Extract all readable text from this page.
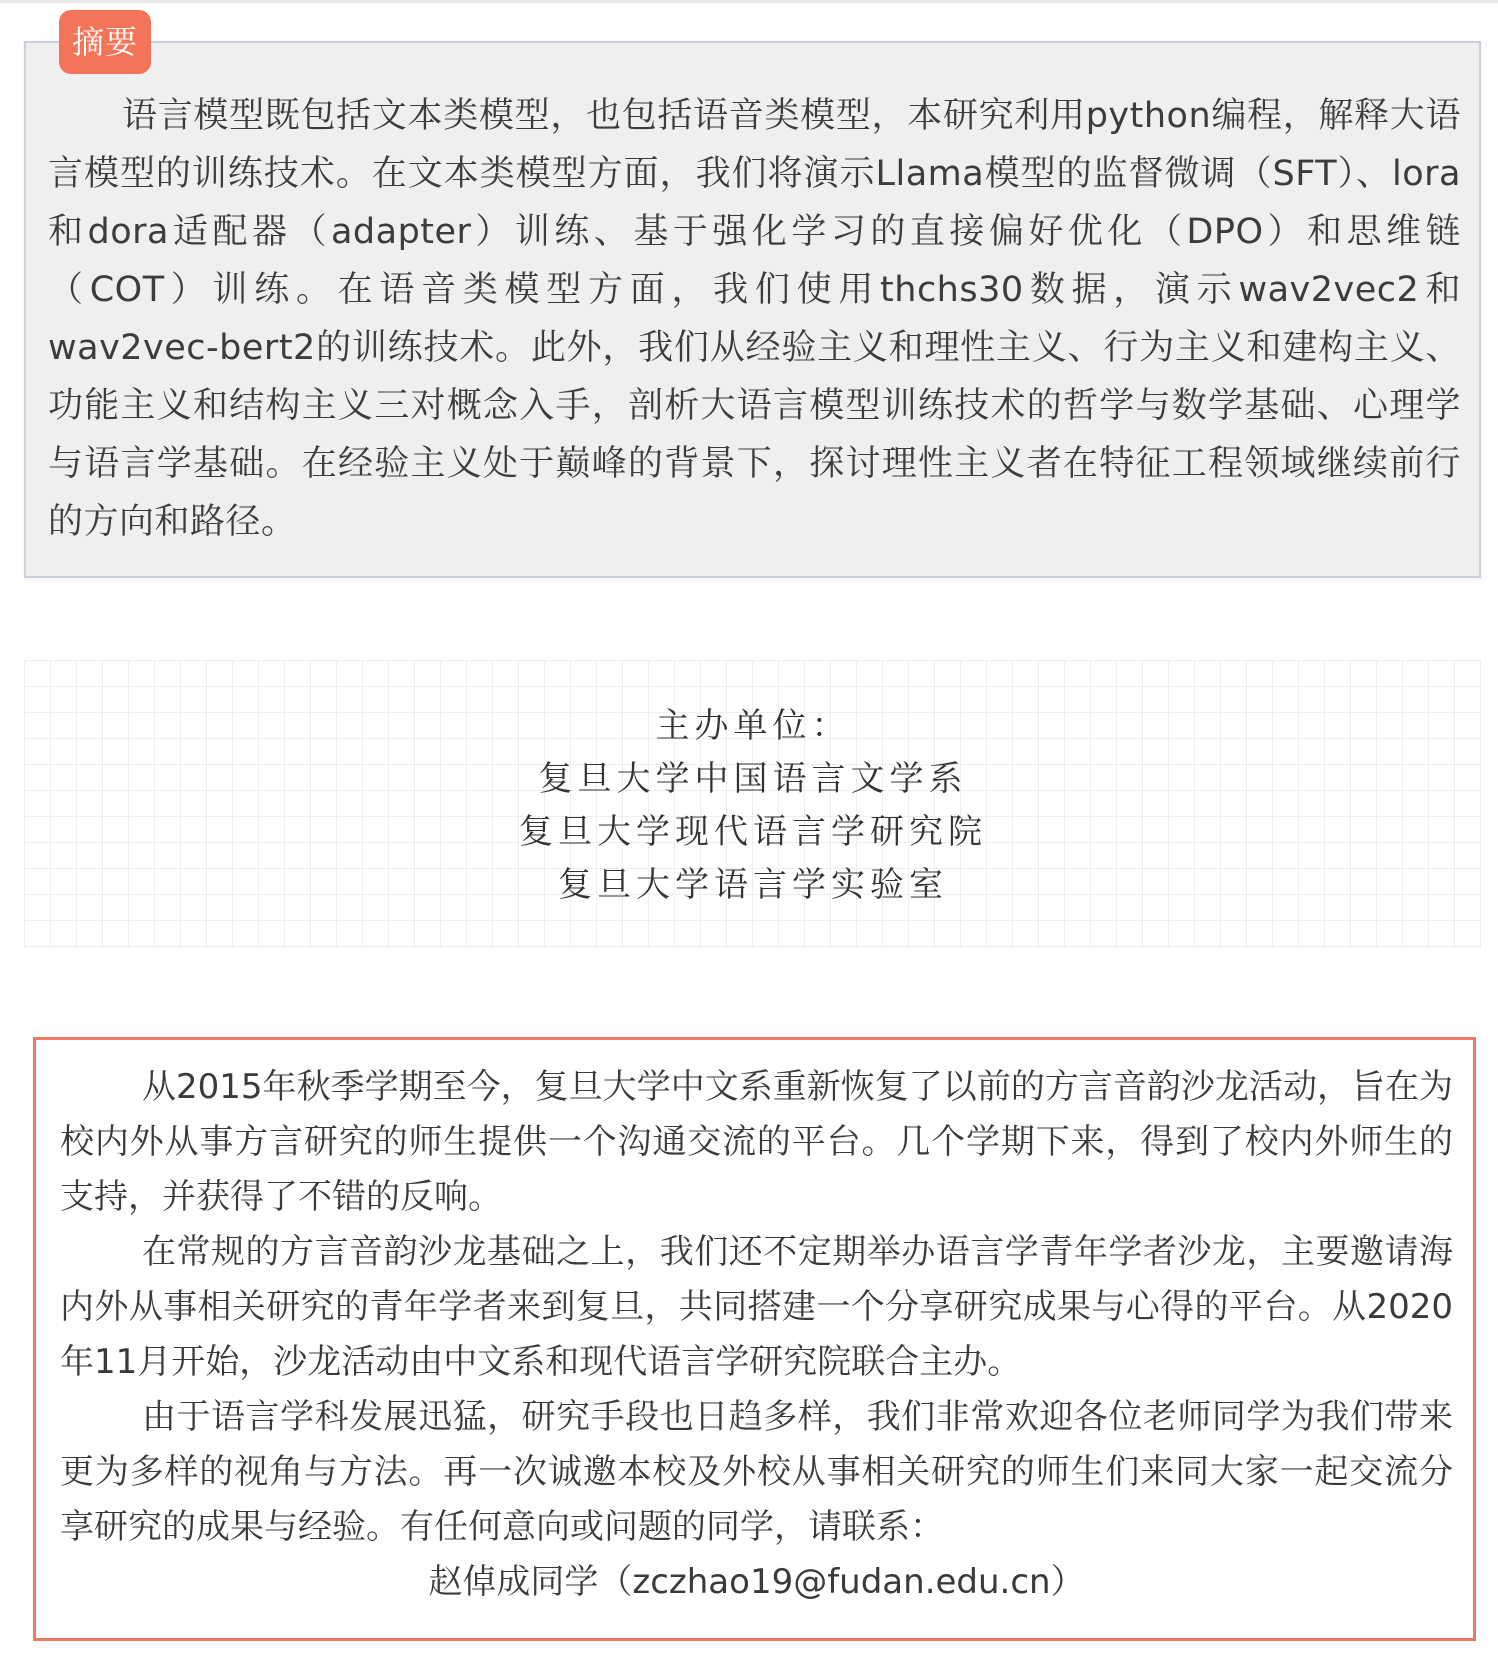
摘要

语言模型既包括文本类模型，也包括语音类模型，本研究利用python编程，解释大语言模型的训练技术。在文本类模型方面，我们将演示Llama模型的监督微调（SFT）、lora和dora适配器（adapter）训练、基于强化学习的直接偏好优化（DPO）和思维链（COT）训练。在语音类模型方面，我们使用thchs30数据，演示wav2vec2和wav2vec-bert2的训练技术。此外，我们从经验主义和理性主义、行为主义和建构主义、功能主义和结构主义三对概念入手，剖析大语言模型训练技术的哲学与数学基础、心理学与语言学基础。在经验主义处于巅峰的背景下，探讨理性主义者在特征工程领域继续前行的方向和路径。

主办单位：
复旦大学中国语言文学系
复旦大学现代语言学研究院
复旦大学语言学实验室

从2015年秋季学期至今，复旦大学中文系重新恢复了以前的方言音韵沙龙活动，旨在为校内外从事方言研究的师生提供一个沟通交流的平台。几个学期下来，得到了校内外师生的支持，并获得了不错的反响。

在常规的方言音韵沙龙基础之上，我们还不定期举办语言学青年学者沙龙，主要邀请海内外从事相关研究的青年学者来到复旦，共同搭建一个分享研究成果与心得的平台。从2020年11月开始，沙龙活动由中文系和现代语言学研究院联合主办。

由于语言学科发展迅猛，研究手段也日趋多样，我们非常欢迎各位老师同学为我们带来更为多样的视角与方法。再一次诚邀本校及外校从事相关研究的师生们来同大家一起交流分享研究的成果与经验。有任何意向或问题的同学，请联系：

赵倬成同学（zczhao19@fudan.edu.cn）
